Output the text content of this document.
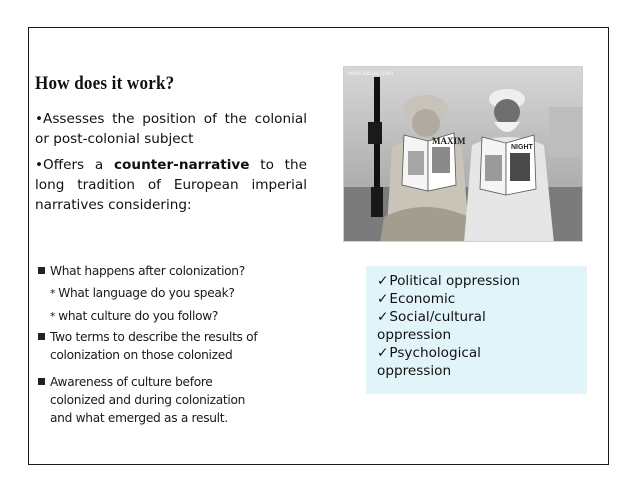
How does it work?

•Assesses the position of the colonial or post-colonial subject

•Offers a counter-narrative to the long tradition of European imperial narratives considering:

MAXIM
NIGHT
www.kaspar.com
What happens after colonization?
* What language do you speak?
* what culture do you follow?
Two terms to describe the results of
colonization on those colonized
Awareness of culture before
colonized and during colonization
and what emerged as a result.
✓Political oppression
✓Economic
✓Social/cultural
oppression
✓Psychological
oppression
